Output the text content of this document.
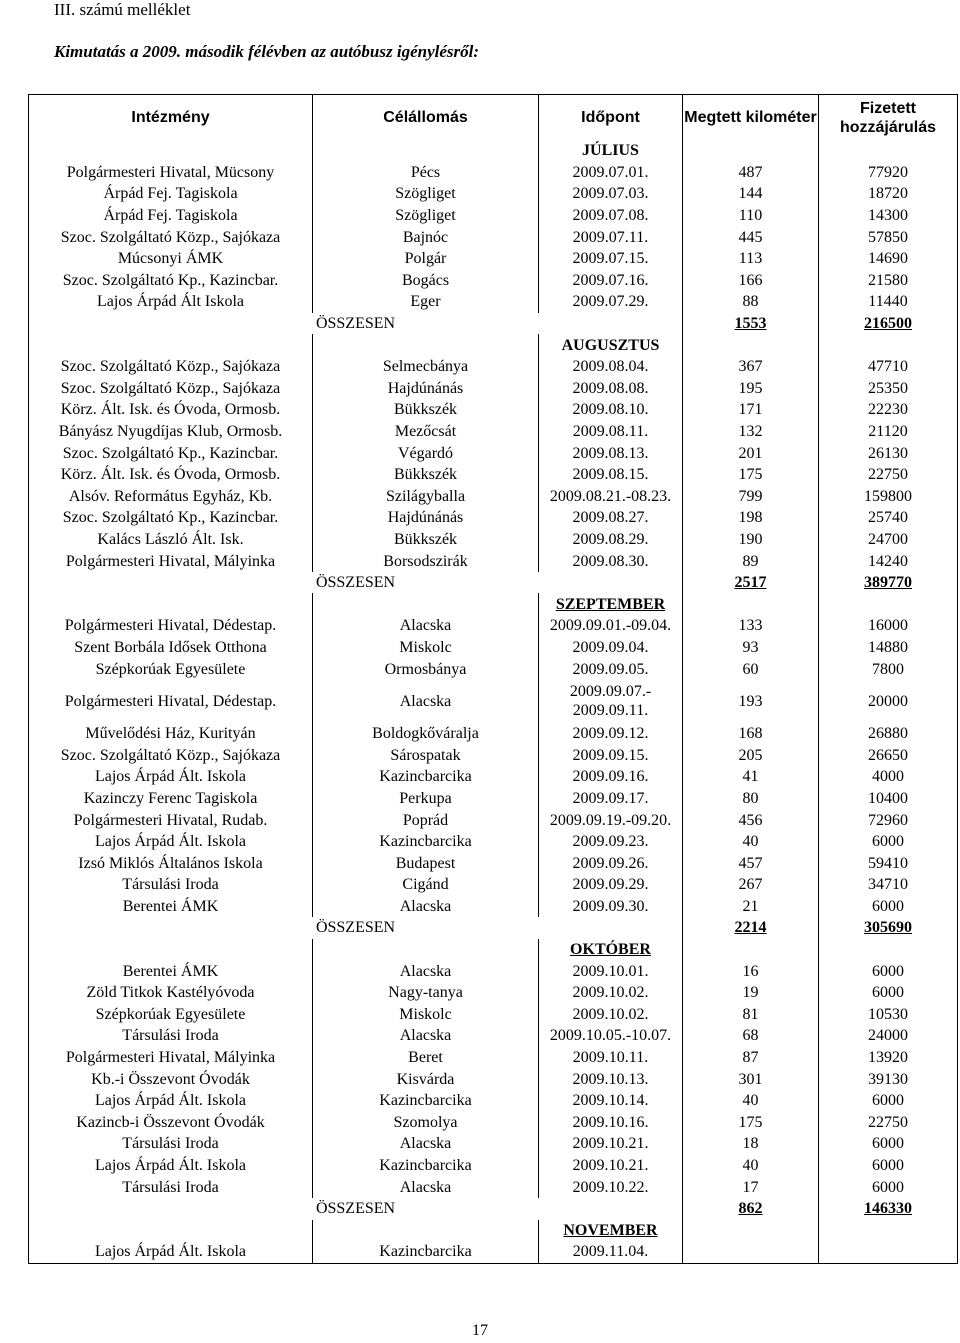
III. számú melléklet
Kimutatás a 2009. második félévben az autóbusz igénylésről:
Intézmény	Célállomás	Időpont	Megtett kilométer	Fizetett hozzájárulás
		JÚLIUS		
Polgármesteri Hivatal, Mücsony	Pécs	2009.07.01.	487	77920
Árpád Fej. Tagiskola	Szögliget	2009.07.03.	144	18720
Árpád Fej. Tagiskola	Szögliget	2009.07.08.	110	14300
Szoc. Szolgáltató Közp., Sajókaza	Bajnóc	2009.07.11.	445	57850
Múcsonyi ÁMK	Polgár	2009.07.15.	113	14690
Szoc. Szolgáltató Kp., Kazincbar.	Bogács	2009.07.16.	166	21580
Lajos Árpád Ált Iskola	Eger	2009.07.29.	88	11440
ÖSSZESEN			1553	216500
		AUGUSZTUS		
Szoc. Szolgáltató Közp., Sajókaza	Selmecbánya	2009.08.04.	367	47710
Szoc. Szolgáltató Közp., Sajókaza	Hajdúnánás	2009.08.08.	195	25350
Körz. Ált. Isk. és Óvoda, Ormosb.	Bükkszék	2009.08.10.	171	22230
Bányász Nyugdíjas Klub, Ormosb.	Mezőcsát	2009.08.11.	132	21120
Szoc. Szolgáltató Kp., Kazincbar.	Végardó	2009.08.13.	201	26130
Körz. Ált. Isk. és Óvoda, Ormosb.	Bükkszék	2009.08.15.	175	22750
Alsóv. Református Egyház, Kb.	Szilágyballa	2009.08.21.-08.23.	799	159800
Szoc. Szolgáltató Kp., Kazincbar.	Hajdúnánás	2009.08.27.	198	25740
Kalács László Ált. Isk.	Bükkszék	2009.08.29.	190	24700
Polgármesteri Hivatal, Mályinka	Borsodszirák	2009.08.30.	89	14240
ÖSSZESEN			2517	389770
		SZEPTEMBER		
Polgármesteri Hivatal, Dédestap.	Alacska	2009.09.01.-09.04.	133	16000
Szent Borbála Idősek Otthona	Miskolc	2009.09.04.	93	14880
Szépkorúak Egyesülete	Ormosbánya	2009.09.05.	60	7800
Polgármesteri Hivatal, Dédestap.	Alacska	2009.09.07.- 2009.09.11.	193	20000
Művelődési Ház, Kurityán	Boldogkőváralja	2009.09.12.	168	26880
Szoc. Szolgáltató Közp., Sajókaza	Sárospatak	2009.09.15.	205	26650
Lajos Árpád Ált. Iskola	Kazincbarcika	2009.09.16.	41	4000
Kazinczy Ferenc Tagiskola	Perkupa	2009.09.17.	80	10400
Polgármesteri Hivatal, Rudab.	Poprád	2009.09.19.-09.20.	456	72960
Lajos Árpád Ált. Iskola	Kazincbarcika	2009.09.23.	40	6000
Izsó Miklós Általános Iskola	Budapest	2009.09.26.	457	59410
Társulási Iroda	Cigánd	2009.09.29.	267	34710
Berentei ÁMK	Alacska	2009.09.30.	21	6000
ÖSSZESEN			2214	305690
		OKTÓBER		
Berentei ÁMK	Alacska	2009.10.01.	16	6000
Zöld Titkok Kastélyóvoda	Nagy-tanya	2009.10.02.	19	6000
Szépkorúak Egyesülete	Miskolc	2009.10.02.	81	10530
Társulási Iroda	Alacska	2009.10.05.-10.07.	68	24000
Polgármesteri Hivatal, Mályinka	Beret	2009.10.11.	87	13920
Kb.-i Összevont Óvodák	Kisvárda	2009.10.13.	301	39130
Lajos Árpád Ált. Iskola	Kazincbarcika	2009.10.14.	40	6000
Kazincb-i Összevont Óvodák	Szomolya	2009.10.16.	175	22750
Társulási Iroda	Alacska	2009.10.21.	18	6000
Lajos Árpád Ált. Iskola	Kazincbarcika	2009.10.21.	40	6000
Társulási Iroda	Alacska	2009.10.22.	17	6000
ÖSSZESEN			862	146330
		NOVEMBER		
Lajos Árpád Ált. Iskola	Kazincbarcika	2009.11.04.		
17
